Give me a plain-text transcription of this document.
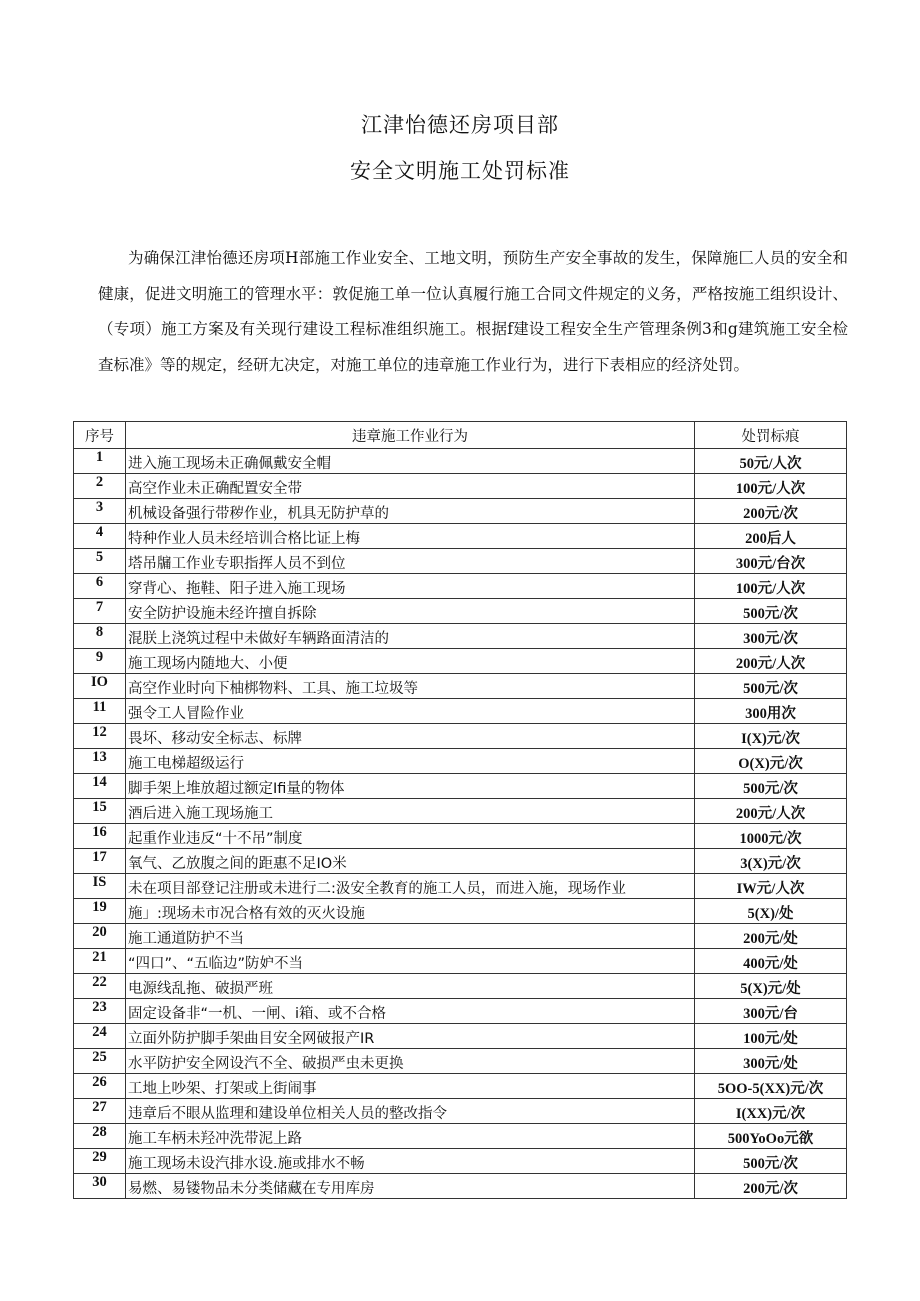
江津怡德还房项目部
安全文明施工处罚标准
为确保江津怡德还房项H部施工作业安全、工地文明，预防生产安全事故的发生，保障施匚人员的安全和健康，促进文明施工的管理水平：敦促施工单一位认真履行施工合同文件规定的义务，严格按施工组织设计、（专项）施工方案及有关现行建设工程标准组织施工。根据f建设工程安全生产管理条例3和g建筑施工安全检查标准》等的规定，经研尢决定，对施工单位的违章施工作业行为，进行下表相应的经济处罚。
序号	违章施工作业行为	处罚标痕
1	进入施工现场未正确佩戴安全帽	50元/人次
2	高空作业未正确配置安全带	100元/人次
3	机械设备强行带秽作业，机具无防护草的	200元/次
4	特种作业人员未经培训合格比证上梅	200后人
5	塔吊牖工作业专职指挥人员不到位	300元/台次
6	穿背心、拖鞋、阳子进入施工现场	100元/人次
7	安全防护设施未经许擅自拆除	500元/次
8	混朕上浇筑过程中未做好车辆路面清洁的	300元/次
9	施工现场内随地大、小便	200元/人次
IO	高空作业时向下柚梆物料、工具、施工垃圾等	500元/次
11	强令工人冒险作业	300用次
12	畏坏、移动安全标志、标牌	I(X)元/次
13	施工电梯超级运行	O(X)元/次
14	脚手架上堆放超过额定Ifi量的物体	500元/次
15	酒后进入施工现场施工	200元/人次
16	起重作业违反“十不吊”制度	1000元/次
17	氧气、乙放腹之间的距惠不足IO米	3(X)元/次
IS	未在项目部登记注册或未进行二:汲安全教育的施工人员，而进入施，现场作业	IW元/人次
19	施」:现场未市况合格有效的灭火设施	5(X)/处
20	施工通道防护不当	200元/处
21	“四口”、“五临边”防妒不当	400元/处
22	电源线乱拖、破损严班	5(X)元/处
23	固定设备非“一机、一闸、i箱、或不合格	300元/台
24	立面外防护脚手架曲目安全网破报产IR	100元/处
25	水平防护安全网设汽不全、破损严虫未更换	300元/处
26	工地上吵架、打架或上街闹事	5OO-5(XX)元/次
27	违章后不眼从监理和建设单位相关人员的整改指令	I(XX)元/次
28	施工车柄未羟冲洗带泥上路	500YoOo元欲
29	施工现场未设汽排水设.施或排水不畅	500元/次
30	易燃、易镂物品未分类储藏在专用库房	200元/次
